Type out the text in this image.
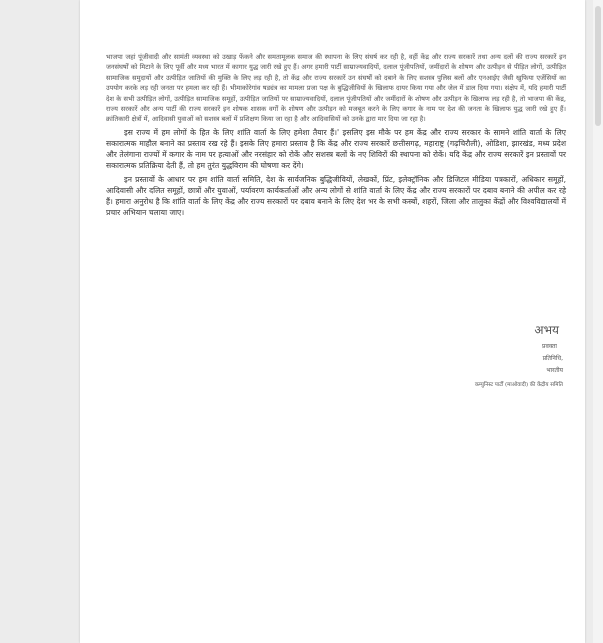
भाजपा जहां पूंजीवादी और सामंती व्यवस्था को उखाड़ फेंकने और समतामूलक समाज की स्थापना के लिए संघर्ष कर रही है, वहीं केंद्र और राज्य सरकारें तथा अन्य दलों की राज्य सरकारें इन जनसंघर्षों को मिटाने के लिए पूर्वी और मध्य भारत में कागार युद्ध जारी रखे हुए हैं। अगर हमारी पार्टी साम्राज्यवादियों, दलाल पूंजीपतियों, जमींदारों के शोषण और उत्पीड़न से पीड़ित लोगों, उत्पीड़ित सामाजिक समुदायों और उत्पीड़ित जातियों की मुक्ति के लिए लड़ रही है, तो केंद्र और राज्य सरकारें उन संघर्षों को दबाने के लिए सशस्त्र पुलिस बलों और एनआईए जैसी खुफिया एजेंसियों का उपयोग करके लड़ रही जनता पर हमला कर रही हैं। भीमाकोरेगांव षड्यंत्र का मामला प्रजा पक्ष के बुद्धिजीवियों के खिलाफ दायर किया गया और जेल में डाल दिया गया। संक्षेप में, यदि हमारी पार्टी देश के सभी उत्पीड़ित लोगों, उत्पीड़ित सामाजिक समूहों, उत्पीड़ित जातियों पर साम्राज्यवादियों, दलाल पूंजीपतियों और जमींदारों के शोषण और उत्पीड़न के खिलाफ लड़ रही है, तो भाजपा की केंद्र, राज्य सरकारें और अन्य पार्टी की राज्य सरकारें इन शोषक शासक वर्गों के शोषण और उत्पीड़न को मजबूत करने के लिए कगार के नाम पर देश की जनता के खिलाफ युद्ध जारी रखे हुए हैं। क्रांतिकारी क्षेत्रों में, आदिवासी युवाओं को सशस्त्र बलों में प्रशिक्षण किया जा रहा है और आदिवासियों को उनके द्वारा मार दिया जा रहा है।

इस राज्य में हम लोगों के हित के लिए शांति वार्ता के लिए हमेशा तैयार हैं।' इसलिए इस मौके पर हम केंद्र और राज्य सरकार के सामने शांति वार्ता के लिए सकारात्मक माहौल बनाने का प्रस्ताव रख रहे हैं। इसके लिए हमारा प्रस्ताव है कि केंद्र और राज्य सरकारें छत्तीसगढ़, महाराष्ट्र (गढ़चिरौली), ओडिशा, झारखंड, मध्य प्रदेश और तेलंगाना राज्यों में कगार के नाम पर हत्याओं और नरसंहार को रोकें और सशस्त्र बलों के नए शिविरों की स्थापना को रोकें। यदि केंद्र और राज्य सरकारें इन प्रस्तावों पर सकारात्मक प्रतिक्रिया देती हैं, तो हम तुरंत युद्धविराम की घोषणा कर देंगे।

इन प्रस्तावों के आधार पर हम शांति वार्ता समिति, देश के सार्वजनिक बुद्धिजीवियों, लेखकों, प्रिंट, इलेक्ट्रॉनिक और डिजिटल मीडिया पत्रकारों, अधिकार समूहों, आदिवासी और दलित समूहों, छात्रों और युवाओं, पर्यावरण कार्यकर्ताओं और अन्य लोगों से शांति वार्ता के लिए केंद्र और राज्य सरकारों पर दबाव बनाने की अपील कर रहे हैं। हमारा अनुरोध है कि शांति वार्ता के लिए केंद्र और राज्य सरकारों पर दबाव बनाने के लिए देश भर के सभी कस्बों, शहरों, जिला और तालुका केंद्रों और विश्वविद्यालयों में प्रचार अभियान चलाया जाए।

अभय
प्रवक्ता
प्रतिनिधि,
भारतीय
कम्युनिस्ट पार्टी (माओवादी) की केंद्रीय समिति
